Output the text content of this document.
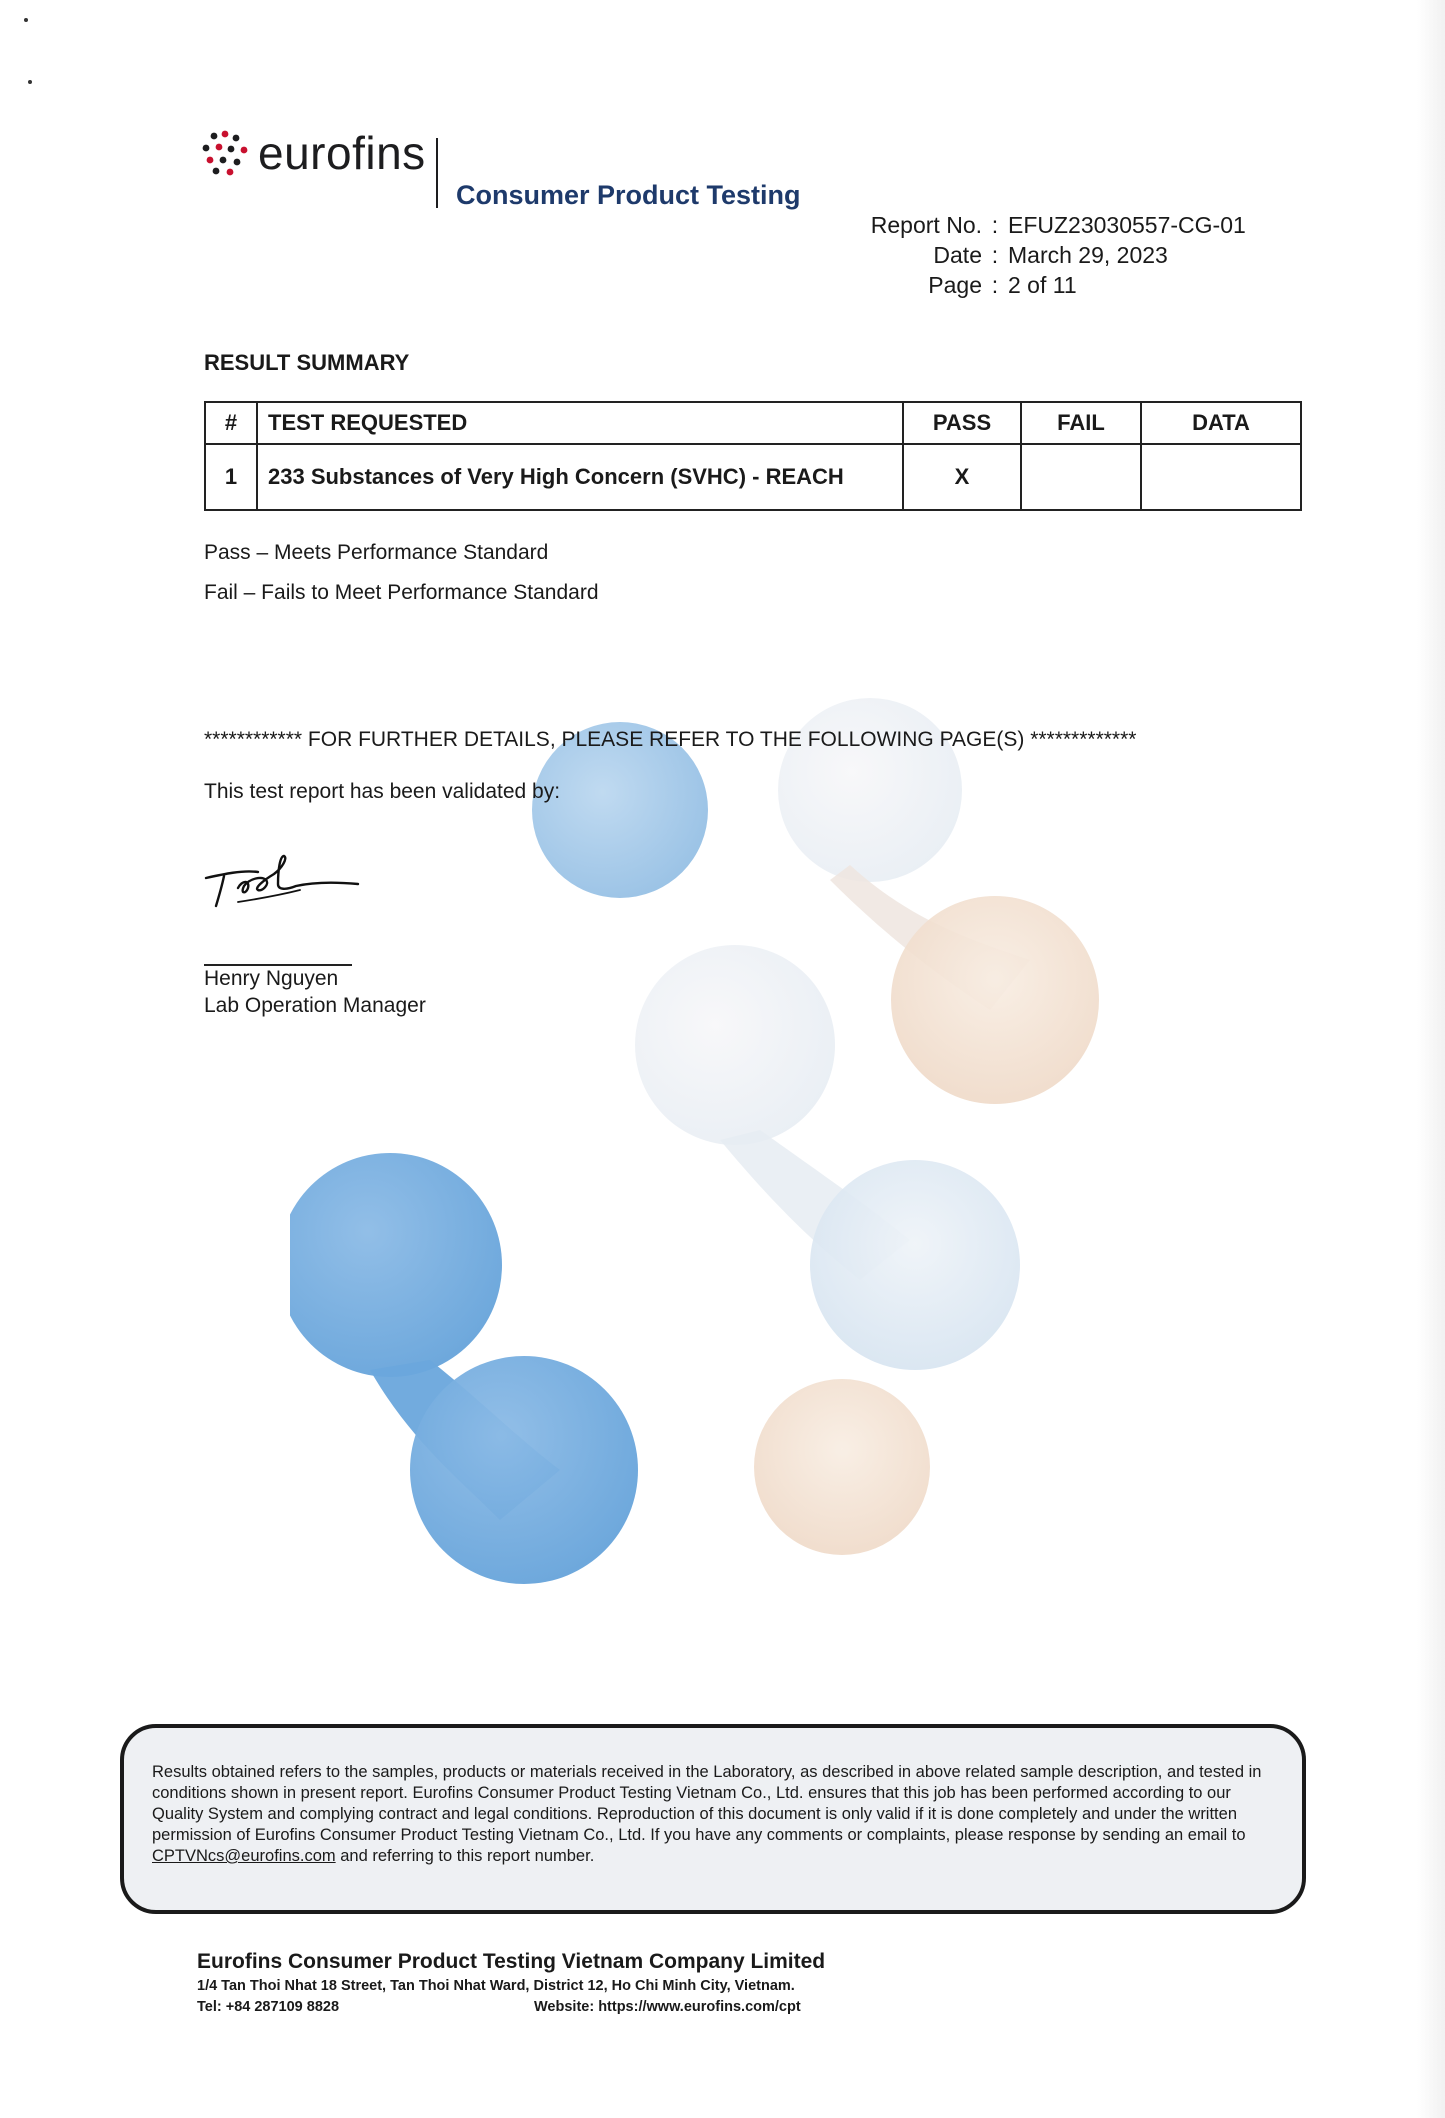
eurofins
Consumer Product Testing
Report No. : EFUZ23030557-CG-01
Date : March 29, 2023
Page : 2 of 11
RESULT SUMMARY
#	TEST REQUESTED	PASS	FAIL	DATA
1	233 Substances of Very High Concern (SVHC) - REACH	X		
Pass – Meets Performance Standard
Fail – Fails to Meet Performance Standard
************ FOR FURTHER DETAILS, PLEASE REFER TO THE FOLLOWING PAGE(S) *************
This test report has been validated by:
Henry Nguyen
Lab Operation Manager
Results obtained refers to the samples, products or materials received in the Laboratory, as described in above related sample description, and tested in conditions shown in present report. Eurofins Consumer Product Testing Vietnam Co., Ltd. ensures that this job has been performed according to our Quality System and complying contract and legal conditions. Reproduction of this document is only valid if it is done completely and under the written permission of Eurofins Consumer Product Testing Vietnam Co., Ltd. If you have any comments or complaints, please response by sending an email to CPTVNcs@eurofins.com and referring to this report number.
Eurofins Consumer Product Testing Vietnam Company Limited
1/4 Tan Thoi Nhat 18 Street, Tan Thoi Nhat Ward, District 12, Ho Chi Minh City, Vietnam.
Tel: +84 287109 8828	Website: https://www.eurofins.com/cpt
